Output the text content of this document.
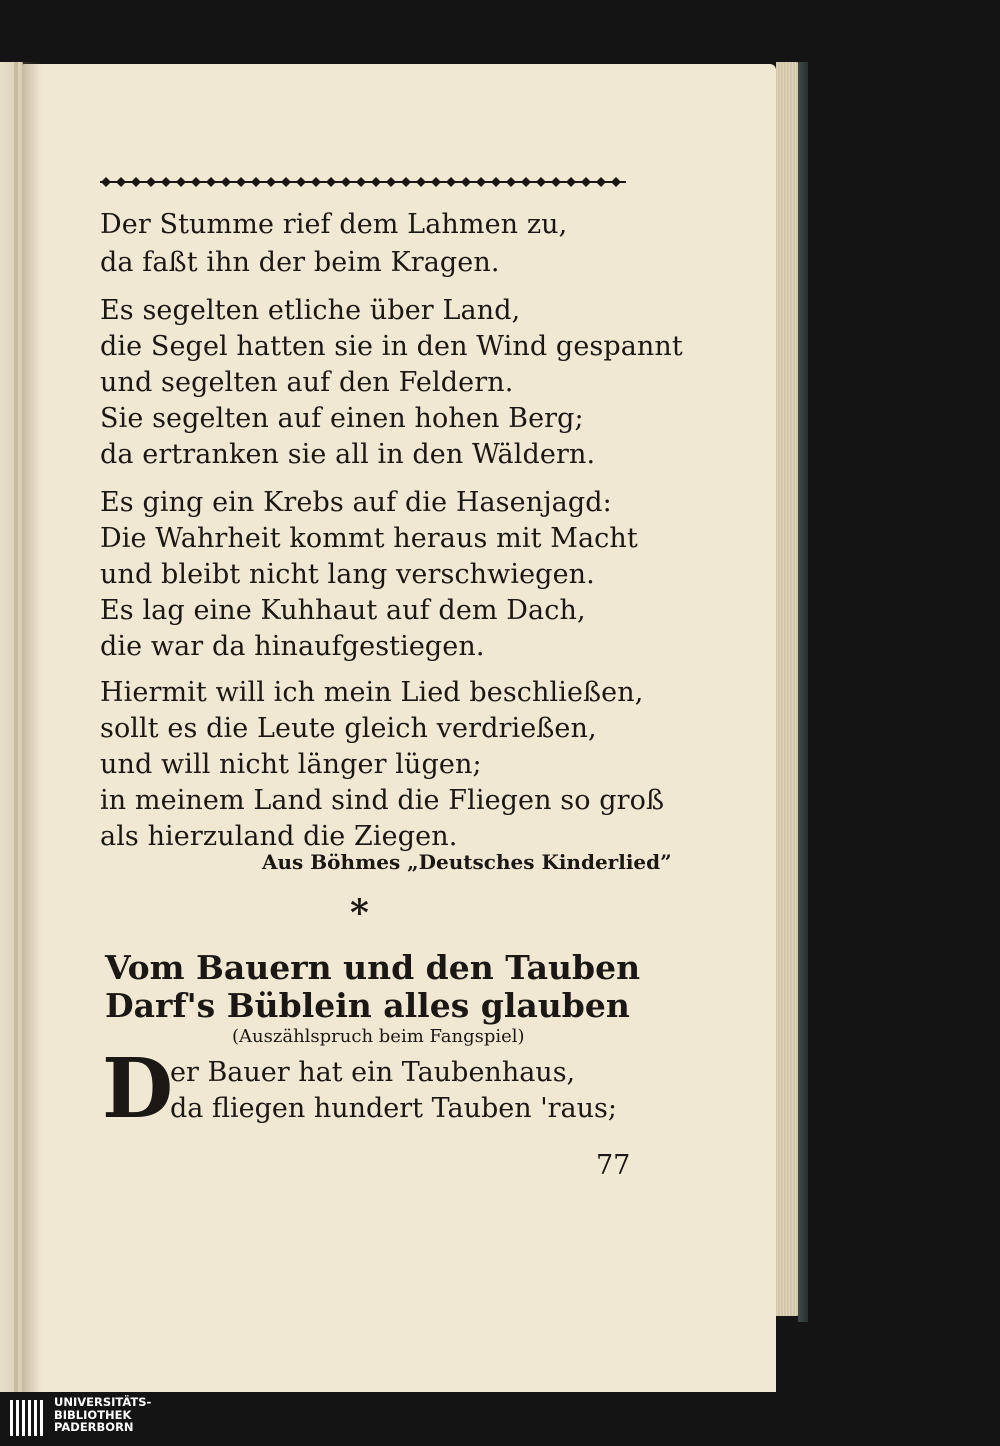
Der Stumme rief dem Lahmen zu,
da faßt ihn der beim Kragen.
Es segelten etliche über Land,
die Segel hatten sie in den Wind gespannt
und segelten auf den Feldern.
Sie segelten auf einen hohen Berg;
da ertranken sie all in den Wäldern.
Es ging ein Krebs auf die Hasenjagd:
Die Wahrheit kommt heraus mit Macht
und bleibt nicht lang verschwiegen.
Es lag eine Kuhhaut auf dem Dach,
die war da hinaufgestiegen.
Hiermit will ich mein Lied beschließen,
sollt es die Leute gleich verdrießen,
und will nicht länger lügen;
in meinem Land sind die Fliegen so groß
als hierzuland die Ziegen.
Aus Böhmes „Deutsches Kinderlied”
*
Vom Bauern und den Tauben
Darf's Büblein alles glauben
(Auszählspruch beim Fangspiel)
D
er Bauer hat ein Taubenhaus,
da fliegen hundert Tauben 'raus;
77
UNIVERSITÄTS-
BIBLIOTHEK
PADERBORN
